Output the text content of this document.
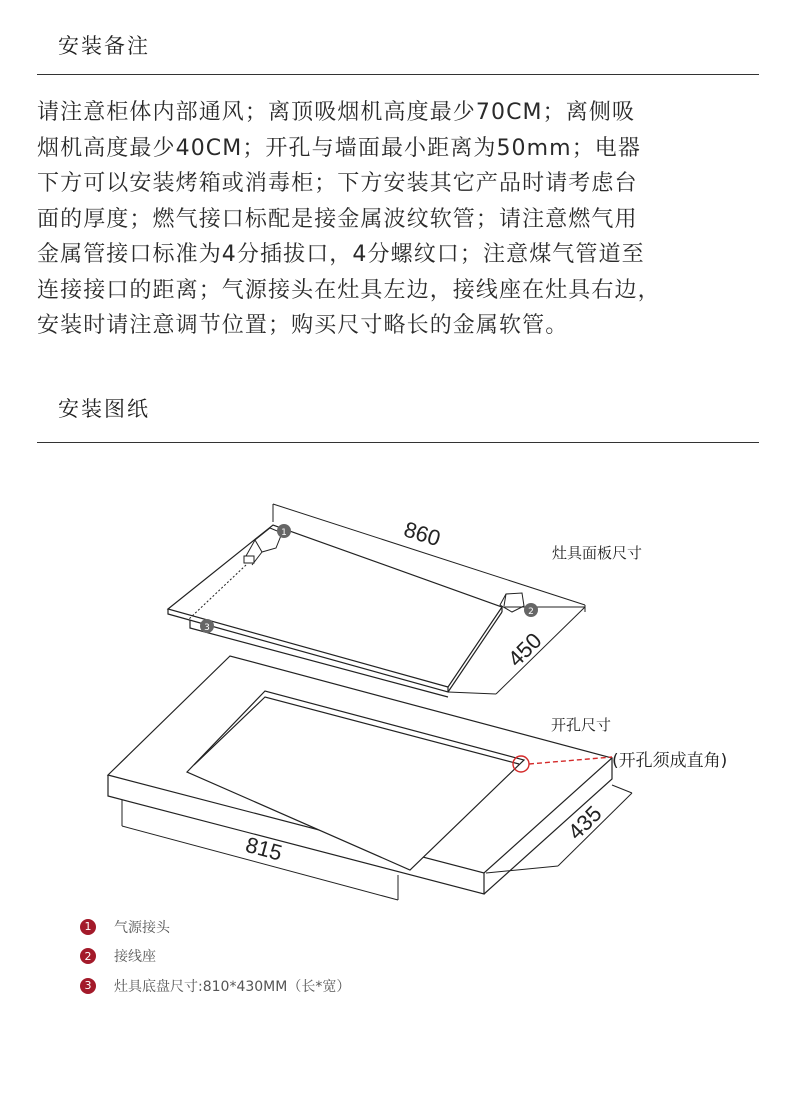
安装备注
请注意柜体内部通风；离顶吸烟机高度最少70CM；离侧吸
烟机高度最少40CM；开孔与墙面最小距离为50mm；电器
下方可以安装烤箱或消毒柜；下方安装其它产品时请考虑台
面的厚度；燃气接口标配是接金属波纹软管；请注意燃气用
金属管接口标准为4分插拔口，4分螺纹口；注意煤气管道至
连接接口的距离；气源接头在灶具左边，接线座在灶具右边，
安装时请注意调节位置；购买尺寸略长的金属软管。
安装图纸
1
2
3
860
450
灶具面板尺寸
815
435
开孔尺寸
(开孔须成直角)
1	气源接头
2	接线座
3	灶具底盘尺寸:810*430MM（长*宽）
